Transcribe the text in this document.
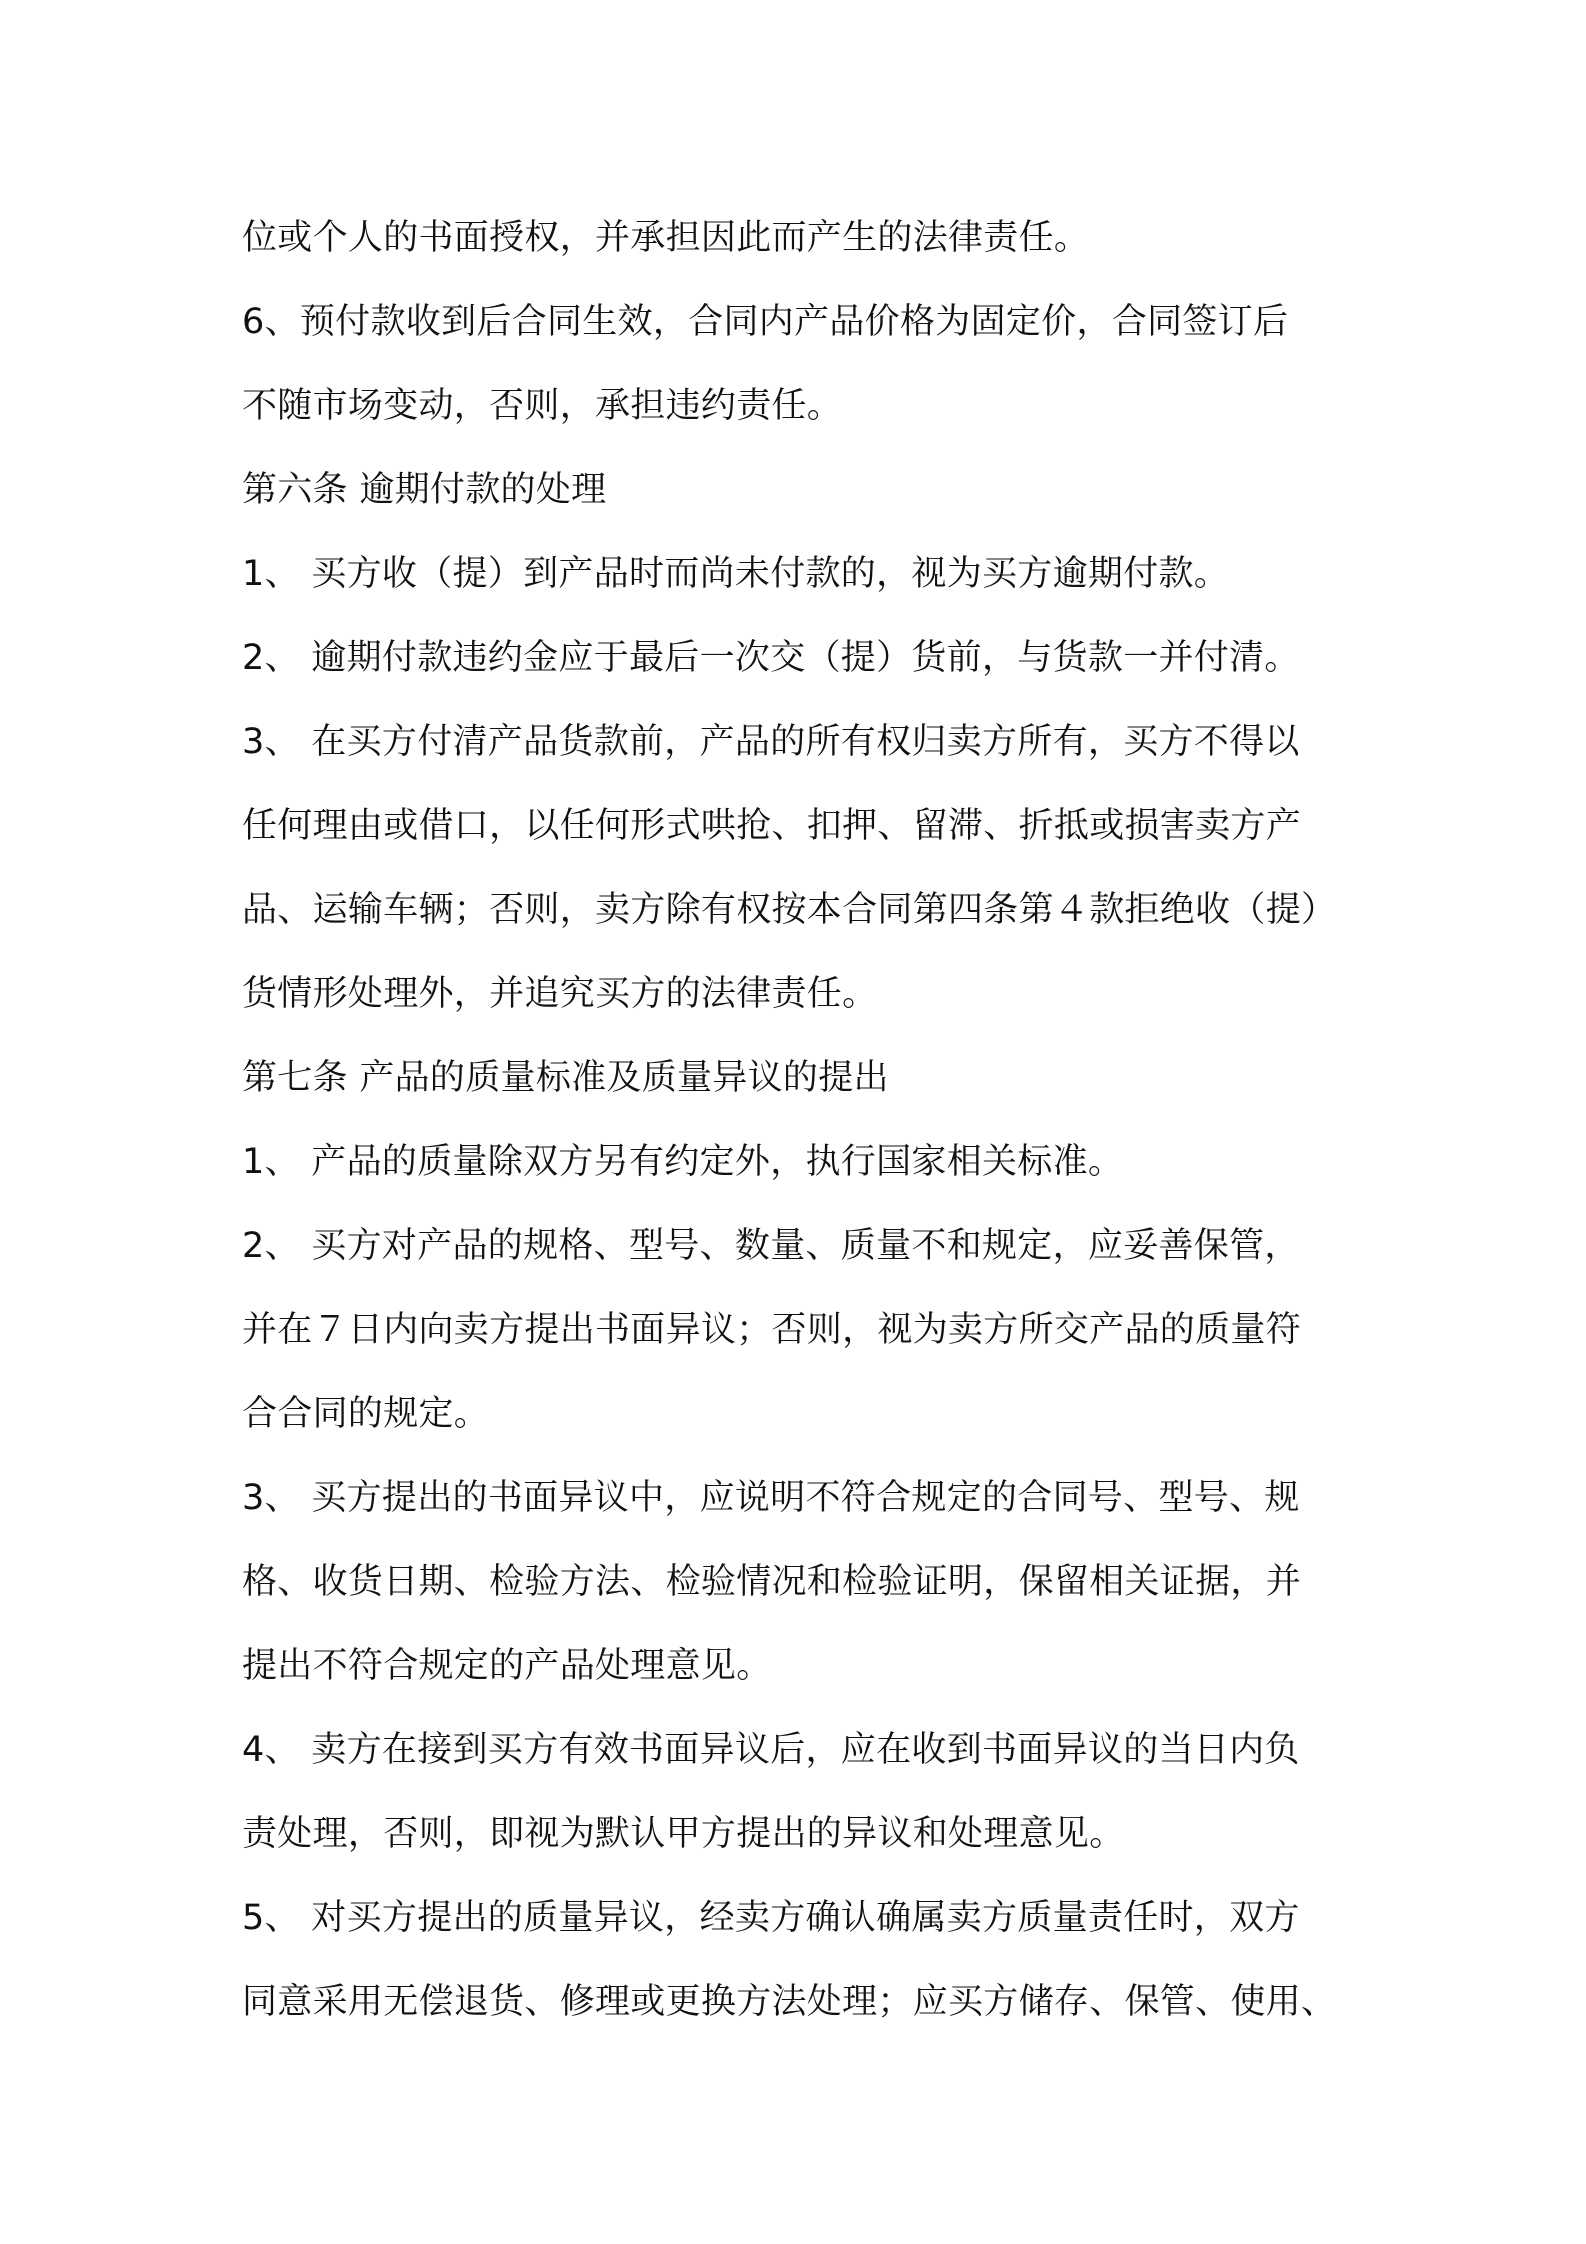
位或个人的书面授权，并承担因此而产生的法律责任。
6、预付款收到后合同生效，合同内产品价格为固定价，合同签订后
不随市场变动，否则，承担违约责任。
第六条 逾期付款的处理
1、 买方收（提）到产品时而尚未付款的，视为买方逾期付款。
2、 逾期付款违约金应于最后一次交（提）货前，与货款一并付清。
3、 在买方付清产品货款前，产品的所有权归卖方所有，买方不得以
任何理由或借口，以任何形式哄抢、扣押、留滞、折抵或损害卖方产
品、运输车辆；否则，卖方除有权按本合同第四条第４款拒绝收（提）
货情形处理外，并追究买方的法律责任。
第七条 产品的质量标准及质量异议的提出
1、 产品的质量除双方另有约定外，执行国家相关标准。
2、 买方对产品的规格、型号、数量、质量不和规定，应妥善保管，
并在７日内向卖方提出书面异议；否则，视为卖方所交产品的质量符
合合同的规定。
3、 买方提出的书面异议中，应说明不符合规定的合同号、型号、规
格、收货日期、检验方法、检验情况和检验证明，保留相关证据，并
提出不符合规定的产品处理意见。
4、 卖方在接到买方有效书面异议后，应在收到书面异议的当日内负
责处理，否则，即视为默认甲方提出的异议和处理意见。
5、 对买方提出的质量异议，经卖方确认确属卖方质量责任时，双方
同意采用无偿退货、修理或更换方法处理；应买方储存、保管、使用、
